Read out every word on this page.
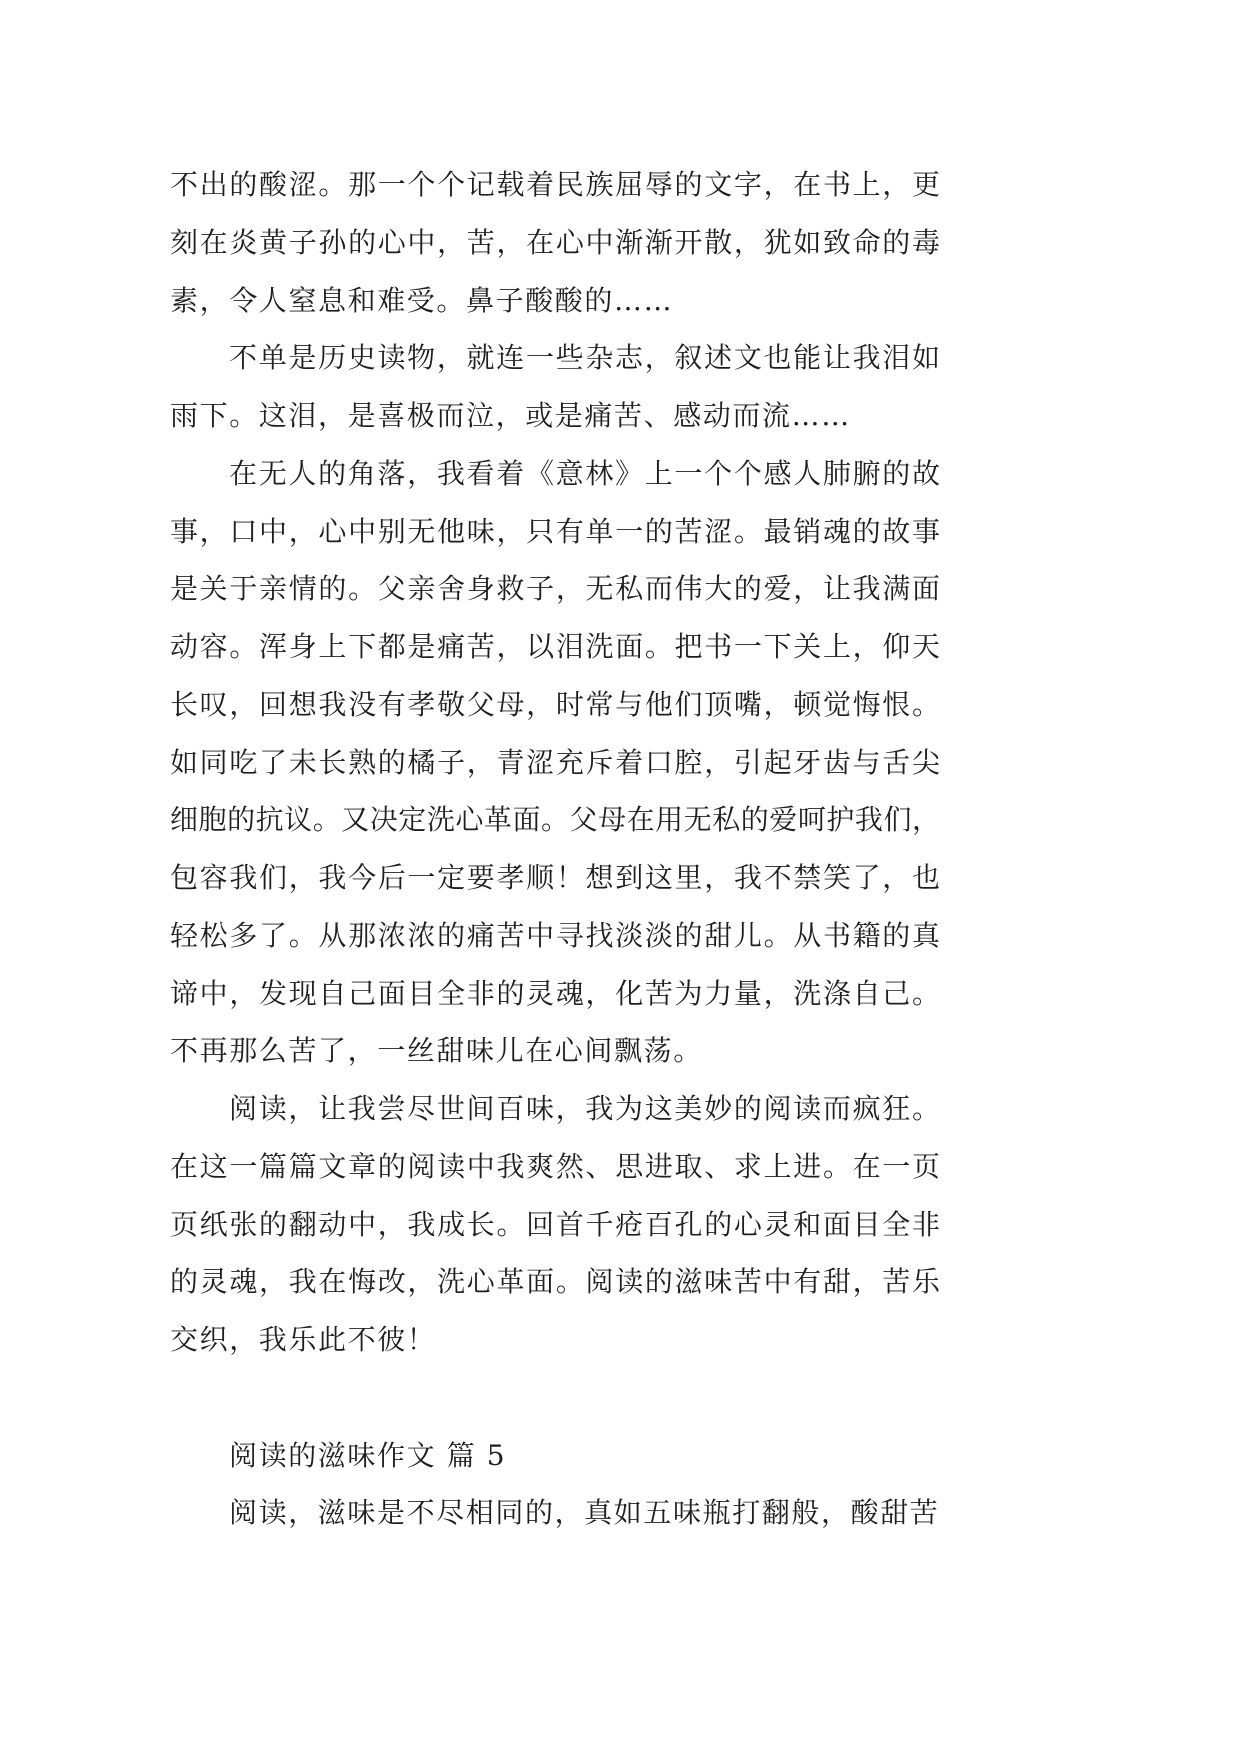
不出的酸涩。那一个个记载着民族屈辱的文字，在书上，更
刻在炎黄子孙的心中，苦，在心中渐渐开散，犹如致命的毒
素，令人窒息和难受。鼻子酸酸的……
不单是历史读物，就连一些杂志，叙述文也能让我泪如
雨下。这泪，是喜极而泣，或是痛苦、感动而流……
在无人的角落，我看着《意林》上一个个感人肺腑的故
事，口中，心中别无他味，只有单一的苦涩。最销魂的故事
是关于亲情的。父亲舍身救子，无私而伟大的爱，让我满面
动容。浑身上下都是痛苦，以泪洗面。把书一下关上，仰天
长叹，回想我没有孝敬父母，时常与他们顶嘴，顿觉悔恨。
如同吃了未长熟的橘子，青涩充斥着口腔，引起牙齿与舌尖
细胞的抗议。又决定洗心革面。父母在用无私的爱呵护我们，
包容我们，我今后一定要孝顺！想到这里，我不禁笑了，也
轻松多了。从那浓浓的痛苦中寻找淡淡的甜儿。从书籍的真
谛中，发现自己面目全非的灵魂，化苦为力量，洗涤自己。
不再那么苦了，一丝甜味儿在心间飘荡。
阅读，让我尝尽世间百味，我为这美妙的阅读而疯狂。
在这一篇篇文章的阅读中我爽然、思进取、求上进。在一页
页纸张的翻动中，我成长。回首千疮百孔的心灵和面目全非
的灵魂，我在悔改，洗心革面。阅读的滋味苦中有甜，苦乐
交织，我乐此不彼！
阅读的滋味作文 篇 5
阅读，滋味是不尽相同的，真如五味瓶打翻般，酸甜苦
